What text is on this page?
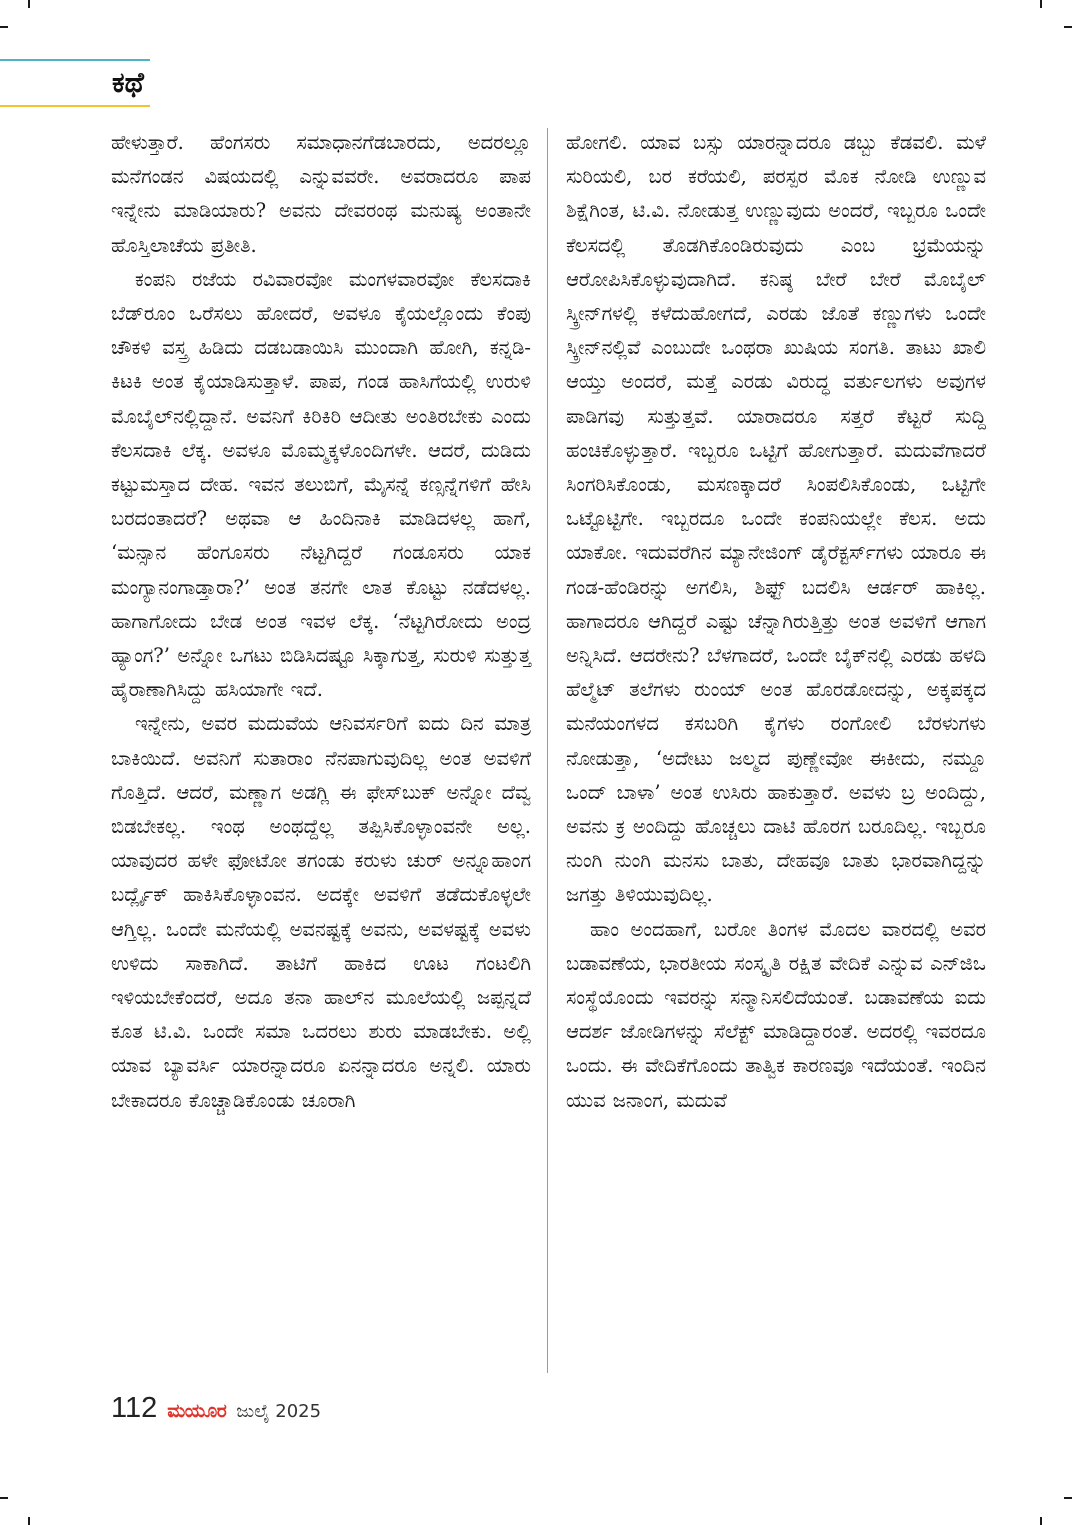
ಕಥೆ

ಹೇಳುತ್ತಾರೆ. ಹೆಂಗಸರು ಸಮಾಧಾನಗೆಡಬಾರದು, ಅದರಲ್ಲೂ ಮನೆಗಂಡನ ವಿಷಯದಲ್ಲಿ ಎನ್ನುವವರೇ. ಅವರಾದರೂ ಪಾಪ ಇನ್ನೇನು ಮಾಡಿಯಾರು? ಅವನು ದೇವರಂಥ ಮನುಷ್ಯ ಅಂತಾನೇ ಹೊಸ್ತಿಲಾಚೆಯ ಪ್ರತೀತಿ.

ಕಂಪನಿ ರಜೆಯ ರವಿವಾರವೋ ಮಂಗಳವಾರವೋ ಕೆಲಸದಾಕಿ ಬೆಡ್‌ರೂಂ ಒರೆಸಲು ಹೋದರೆ, ಅವಳೂ ಕೈಯಲ್ಲೊಂದು ಕೆಂಪು ಚೌಕಳಿ ವಸ್ತ್ರ ಹಿಡಿದು ದಡಬಡಾಯಿಸಿ ಮುಂದಾಗಿ ಹೋಗಿ, ಕನ್ನಡಿ-ಕಿಟಕಿ ಅಂತ ಕೈಯಾಡಿಸುತ್ತಾಳೆ. ಪಾಪ, ಗಂಡ ಹಾಸಿಗೆಯಲ್ಲಿ ಉರುಳಿ ಮೊಬೈಲ್‌ನಲ್ಲಿದ್ದಾನೆ. ಅವನಿಗೆ ಕಿರಿಕಿರಿ ಆದೀತು ಅಂತಿರಬೇಕು ಎಂದು ಕೆಲಸದಾಕಿ ಲೆಕ್ಕ. ಅವಳೂ ಮೊಮ್ಮಕ್ಕಳೊಂದಿಗಳೇ. ಆದರೆ, ದುಡಿದು ಕಟ್ಟುಮಸ್ತಾದ ದೇಹ. ಇವನ ತಲುಬಿಗೆ, ಮೈಸನ್ನೆ ಕಣ್ಸನ್ನೆಗಳಿಗೆ ಹೇಸಿ ಬರದಂತಾದರೆ? ಅಥವಾ ಆ ಹಿಂದಿನಾಕಿ ಮಾಡಿದಳಲ್ಲ ಹಾಗೆ, ‘ಮನ್ಸಾನ ಹೆಂಗೂಸರು ನೆಟ್ಟಗಿದ್ದರೆ ಗಂಡೂಸರು ಯಾಕ ಮಂಗ್ಯಾನಂಗಾಡ್ತಾರಾ?’ ಅಂತ ತನಗೇ ಲಾತ ಕೊಟ್ಟು ನಡೆದಳಲ್ಲ. ಹಾಗಾಗೋದು ಬೇಡ ಅಂತ ಇವಳ ಲೆಕ್ಕ. ‘ನೆಟ್ಟಗಿರೋದು ಅಂದ್ರ ಹ್ಯಾಂಗ?’ ಅನ್ನೋ ಒಗಟು ಬಿಡಿಸಿದಷ್ಟೂ ಸಿಕ್ಕಾಗುತ್ತ, ಸುರುಳಿ ಸುತ್ತುತ್ತ ಹೈರಾಣಾಗಿಸಿದ್ದು ಹಸಿಯಾಗೇ ಇದೆ.

ಇನ್ನೇನು, ಅವರ ಮದುವೆಯ ಆನಿವರ್ಸರಿಗೆ ಐದು ದಿನ ಮಾತ್ರ ಬಾಕಿಯಿದೆ. ಅವನಿಗೆ ಸುತಾರಾಂ ನೆನಪಾಗುವುದಿಲ್ಲ ಅಂತ ಅವಳಿಗೆ ಗೊತ್ತಿದೆ. ಆದರೆ, ಮಣ್ಣಾಗ ಅಡಗ್ಲಿ ಈ ಫೇಸ್‌ಬುಕ್ ಅನ್ನೋ ದೆವ್ವ ಬಿಡಬೇಕಲ್ಲ. ಇಂಥ ಅಂಥದ್ದೆಲ್ಲ ತಪ್ಪಿಸಿಕೊಳ್ಳಾಂವನೇ ಅಲ್ಲ. ಯಾವುದರ ಹಳೇ ಫೋಟೋ ತಗಂಡು ಕರುಳು ಚುರ್ ಅನ್ನೂಹಾಂಗ ಬರ್ದ್ಲೈಕ್ ಹಾಕಿಸಿಕೊಳ್ಳಾಂವನ. ಅದಕ್ಕೇ ಅವಳಿಗೆ ತಡೆದುಕೊಳ್ಳಲೇ ಆಗ್ತಿಲ್ಲ. ಒಂದೇ ಮನೆಯಲ್ಲಿ ಅವನಷ್ಟಕ್ಕೆ ಅವನು, ಅವಳಷ್ಟಕ್ಕೆ ಅವಳು ಉಳಿದು ಸಾಕಾಗಿದೆ. ತಾಟಿಗೆ ಹಾಕಿದ ಊಟ ಗಂಟಲಿಗಿ ಇಳಿಯಬೇಕೆಂದರೆ, ಅದೂ ತನಾ ಹಾಲ್‌ನ ಮೂಲೆಯಲ್ಲಿ ಜಪ್ಪನ್ನದೆ ಕೂತ ಟಿ.ವಿ. ಒಂದೇ ಸಮಾ ಒದರಲು ಶುರು ಮಾಡಬೇಕು. ಅಲ್ಲಿ ಯಾವ ಬ್ಯಾವರ್ಸಿ ಯಾರನ್ನಾದರೂ ಏನನ್ನಾದರೂ ಅನ್ನಲಿ. ಯಾರು ಬೇಕಾದರೂ ಕೊಚ್ಚಾಡಿಕೊಂಡು ಚೂರಾಗಿ

ಹೋಗಲಿ. ಯಾವ ಬಸ್ಸು ಯಾರನ್ನಾದರೂ ಡಬ್ಬು ಕೆಡವಲಿ. ಮಳೆ ಸುರಿಯಲಿ, ಬರ ಕರೆಯಲಿ, ಪರಸ್ಪರ ಮೊಕ ನೋಡಿ ಉಣ್ಣುವ ಶಿಕ್ಷೆಗಿಂತ, ಟಿ.ವಿ. ನೋಡುತ್ತ ಉಣ್ಣುವುದು ಅಂದರೆ, ಇಬ್ಬರೂ ಒಂದೇ ಕೆಲಸದಲ್ಲಿ ತೊಡಗಿಕೊಂಡಿರುವುದು ಎಂಬ ಭ್ರಮೆಯನ್ನು ಆರೋಪಿಸಿಕೊಳ್ಳುವುದಾಗಿದೆ. ಕನಿಷ್ಠ ಬೇರೆ ಬೇರೆ ಮೊಬೈಲ್ ಸ್ಕ್ರೀನ್‌ಗಳಲ್ಲಿ ಕಳೆದುಹೋಗದೆ, ಎರಡು ಜೊತೆ ಕಣ್ಣುಗಳು ಒಂದೇ ಸ್ಕ್ರೀನ್‌ನಲ್ಲಿವೆ ಎಂಬುದೇ ಒಂಥರಾ ಖುಷಿಯ ಸಂಗತಿ. ತಾಟು ಖಾಲಿ ಆಯ್ತು ಅಂದರೆ, ಮತ್ತೆ ಎರಡು ವಿರುದ್ಧ ವರ್ತುಲಗಳು ಅವುಗಳ ಪಾಡಿಗವು ಸುತ್ತುತ್ತವೆ. ಯಾರಾದರೂ ಸತ್ತರೆ ಕೆಟ್ಟರೆ ಸುದ್ದಿ ಹಂಚಿಕೊಳ್ಳುತ್ತಾರೆ. ಇಬ್ಬರೂ ಒಟ್ಟಿಗೆ ಹೋಗುತ್ತಾರೆ. ಮದುವೆಗಾದರೆ ಸಿಂಗರಿಸಿಕೊಂಡು, ಮಸಣಕ್ಕಾದರೆ ಸಿಂಪಲಿಸಿಕೊಂಡು, ಒಟ್ಟಿಗೇ ಒಟ್ಟೊಟ್ಟಿಗೇ. ಇಬ್ಬರದೂ ಒಂದೇ ಕಂಪನಿಯಲ್ಲೇ ಕೆಲಸ. ಅದು ಯಾಕೋ. ಇದುವರೆಗಿನ ಮ್ಯಾನೇಜಿಂಗ್ ಡೈರೆಕ್ಟರ್ಸ್‌ಗಳು ಯಾರೂ ಈ ಗಂಡ-ಹೆಂಡಿರನ್ನು ಅಗಲಿಸಿ, ಶಿಫ್ಟ್ ಬದಲಿಸಿ ಆರ್ಡರ್ ಹಾಕಿಲ್ಲ. ಹಾಗಾದರೂ ಆಗಿದ್ದರೆ ಎಷ್ಟು ಚೆನ್ನಾಗಿರುತ್ತಿತ್ತು ಅಂತ ಅವಳಿಗೆ ಆಗಾಗ ಅನ್ನಿಸಿದೆ. ಆದರೇನು? ಬೆಳಗಾದರೆ, ಒಂದೇ ಬೈಕ್‌ನಲ್ಲಿ ಎರಡು ಹಳದಿ ಹೆಲ್ಮೆಟ್ ತಲೆಗಳು ರುಂಯ್ ಅಂತ ಹೊರಡೋದನ್ನು, ಅಕ್ಕಪಕ್ಕದ ಮನೆಯಂಗಳದ ಕಸಬರಿಗಿ ಕೈಗಳು ರಂಗೋಲಿ ಬೆರಳುಗಳು ನೋಡುತ್ತಾ, ‘ಅದೇಟು ಜಲ್ಮದ ಪುಣ್ಣೇವೋ ಈಕೀದು, ನಮ್ದೂ ಒಂದ್ ಬಾಳಾ’ ಅಂತ ಉಸಿರು ಹಾಕುತ್ತಾರೆ. ಅವಳು ಬ್ರ ಅಂದಿದ್ದು, ಅವನು ಕ್ರ ಅಂದಿದ್ದು ಹೊಚ್ಚಲು ದಾಟಿ ಹೊರಗ ಬರೂದಿಲ್ಲ. ಇಬ್ಬರೂ ನುಂಗಿ ನುಂಗಿ ಮನಸು ಬಾತು, ದೇಹವೂ ಬಾತು ಭಾರವಾಗಿದ್ದನ್ನು ಜಗತ್ತು ತಿಳಿಯುವುದಿಲ್ಲ.

ಹಾಂ ಅಂದಹಾಗೆ, ಬರೋ ತಿಂಗಳ ಮೊದಲ ವಾರದಲ್ಲಿ ಅವರ ಬಡಾವಣೆಯ, ಭಾರತೀಯ ಸಂಸ್ಕೃತಿ ರಕ್ಷಿತ ವೇದಿಕೆ ಎನ್ನುವ ಎನ್‌ಜಿಒ ಸಂಸ್ಥೆಯೊಂದು ಇವರನ್ನು ಸನ್ಮಾನಿಸಲಿದೆಯಂತೆ. ಬಡಾವಣೆಯ ಐದು ಆದರ್ಶ ಜೋಡಿಗಳನ್ನು ಸೆಲೆಕ್ಟ್ ಮಾಡಿದ್ದಾರಂತೆ. ಅದರಲ್ಲಿ ಇವರದೂ ಒಂದು. ಈ ವೇದಿಕೆಗೊಂದು ತಾತ್ವಿಕ ಕಾರಣವೂ ಇದೆಯಂತೆ. ಇಂದಿನ ಯುವ ಜನಾಂಗ, ಮದುವೆ

112 ಮಯೂರ ಜುಲೈ 2025
